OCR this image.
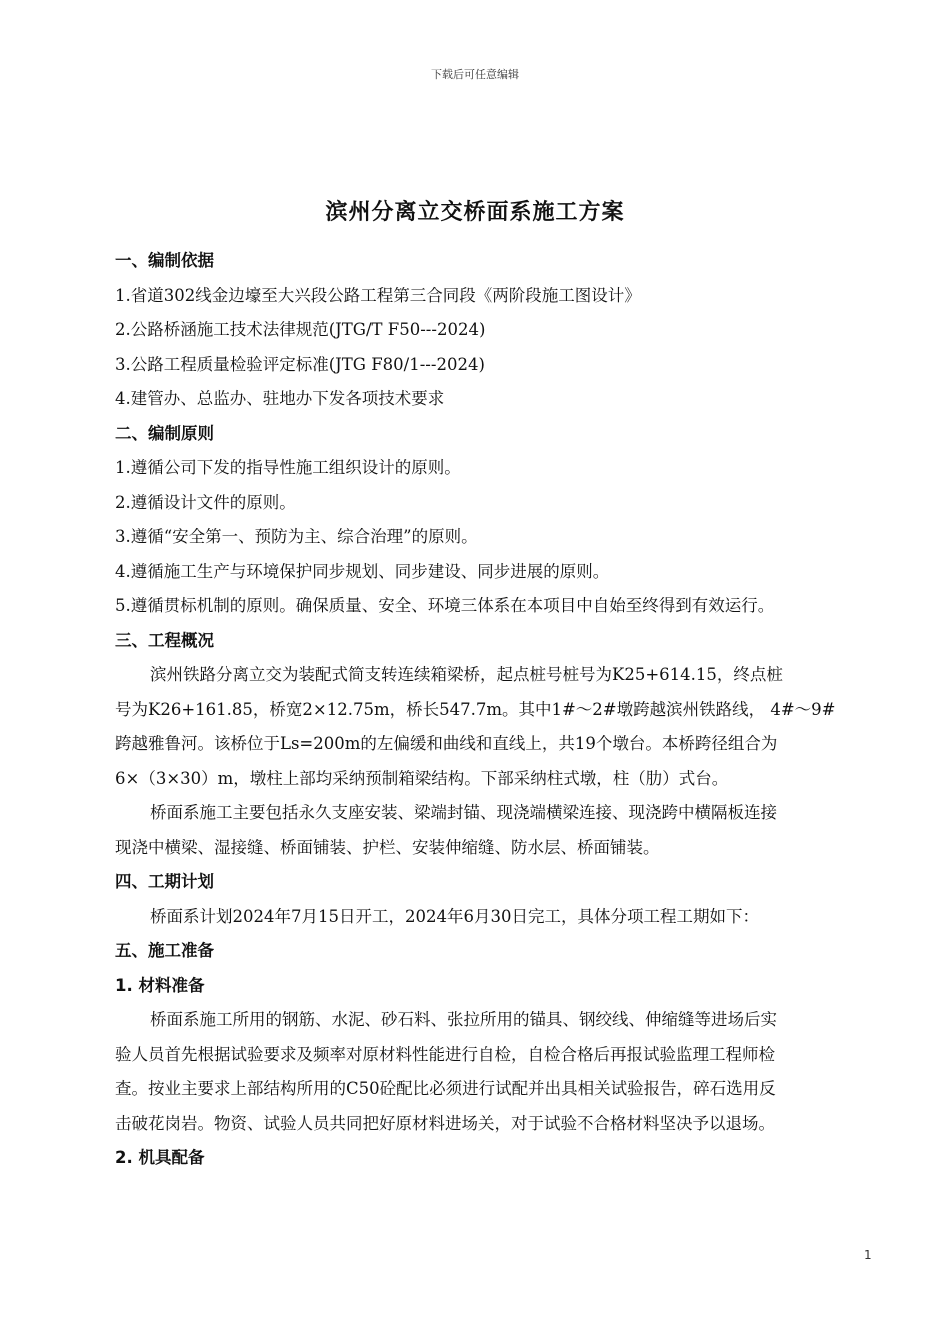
下载后可任意编辑
滨州分离立交桥面系施工方案
一、编制依据
1.省道302线金边壕至大兴段公路工程第三合同段《两阶段施工图设计》
2.公路桥涵施工技术法律规范(JTG/T F50---2024)
3.公路工程质量检验评定标准(JTG F80/1---2024)
4.建管办、总监办、驻地办下发各项技术要求
二、编制原则
1.遵循公司下发的指导性施工组织设计的原则。
2.遵循设计文件的原则。
3.遵循“安全第一、预防为主、综合治理”的原则。
4.遵循施工生产与环境保护同步规划、同步建设、同步进展的原则。
5.遵循贯标机制的原则。确保质量、安全、环境三体系在本项目中自始至终得到有效运行。
三、工程概况
滨州铁路分离立交为装配式简支转连续箱梁桥，起点桩号桩号为K25+614.15，终点桩
号为K26+161.85，桥宽2×12.75m，桥长547.7m。其中1#～2#墩跨越滨州铁路线， 4#～9#
跨越雅鲁河。该桥位于Ls=200m的左偏缓和曲线和直线上，共19个墩台。本桥跨径组合为
6×（3×30）m，墩柱上部均采纳预制箱梁结构。下部采纳柱式墩，柱（肋）式台。
桥面系施工主要包括永久支座安装、梁端封锚、现浇端横梁连接、现浇跨中横隔板连接
现浇中横梁、湿接缝、桥面铺装、护栏、安装伸缩缝、防水层、桥面铺装。
四、工期计划
桥面系计划2024年7月15日开工，2024年6月30日完工，具体分项工程工期如下：
五、施工准备
1. 材料准备
桥面系施工所用的钢筋、水泥、砂石料、张拉所用的锚具、钢绞线、伸缩缝等进场后实
验人员首先根据试验要求及频率对原材料性能进行自检，自检合格后再报试验监理工程师检
查。按业主要求上部结构所用的C50砼配比必须进行试配并出具相关试验报告，碎石选用反
击破花岗岩。物资、试验人员共同把好原材料进场关，对于试验不合格材料坚决予以退场。
2. 机具配备
1
